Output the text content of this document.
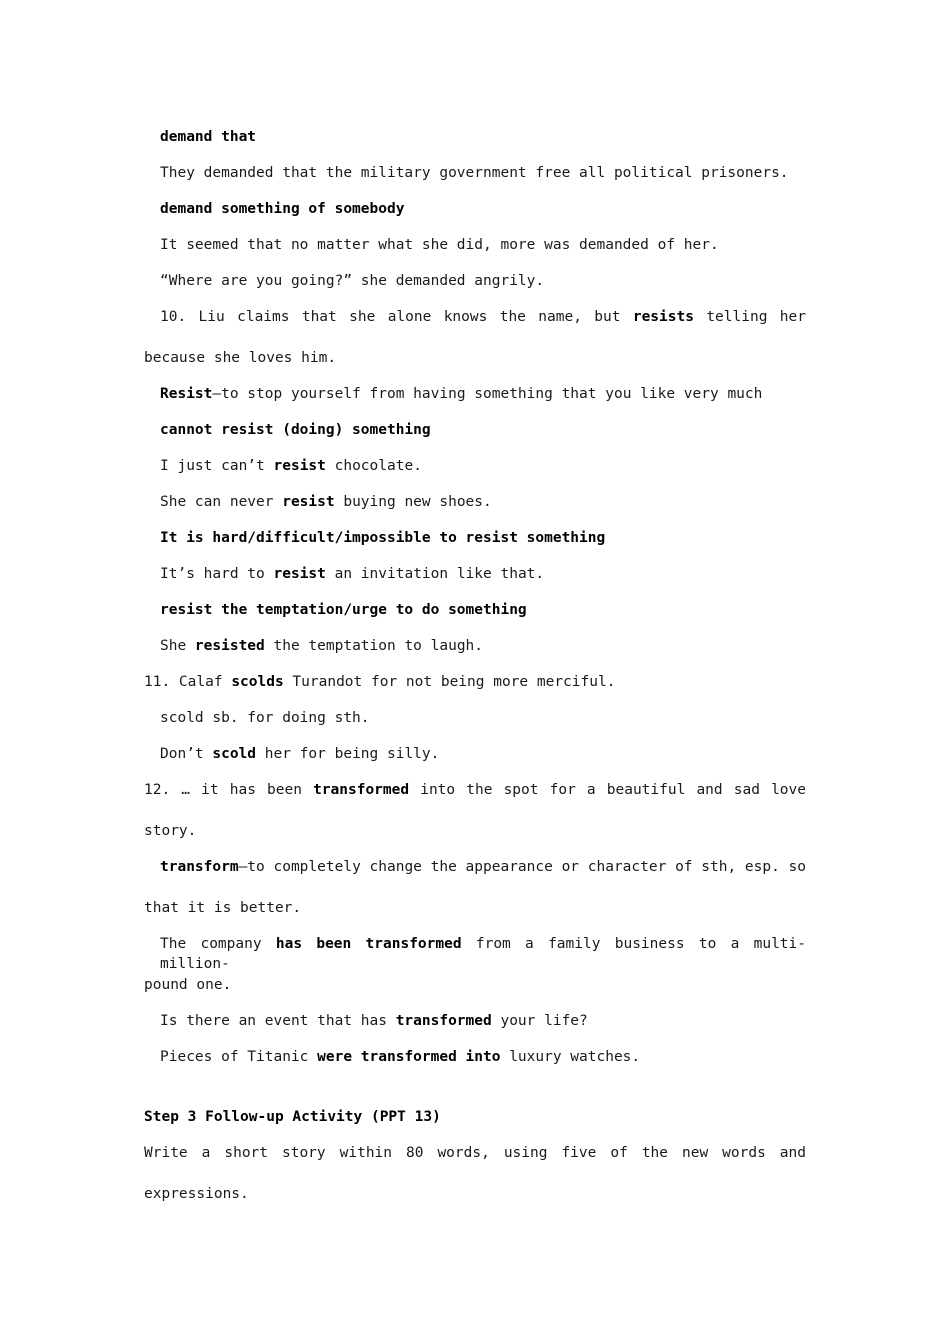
demand that
They demanded that the military government free all political prisoners.
demand something of somebody
It seemed that no matter what she did, more was demanded of her.
“Where are you going?” she demanded angrily.
10. Liu claims that she alone knows the name, but resists telling her
because she loves him.
Resist—to stop yourself from having something that you like very much
cannot resist (doing) something
I just can’t resist chocolate.
She can never resist buying new shoes.
It is hard/difficult/impossible to resist something
It’s hard to resist an invitation like that.
resist the temptation/urge to do something
She resisted the temptation to laugh.
11. Calaf scolds Turandot for not being more merciful.
scold sb. for doing sth.
Don’t scold her for being silly.
12. … it has been transformed into the spot for a beautiful and sad love
story.
transform—to completely change the appearance or character of sth, esp. so
that it is better.
The company has been transformed from a family business to a multi-million-
pound one.
Is there an event that has transformed your life?
Pieces of Titanic were transformed into luxury watches.
Step 3 Follow-up Activity (PPT 13)
Write a short story within 80 words, using five of the new words and
expressions.
